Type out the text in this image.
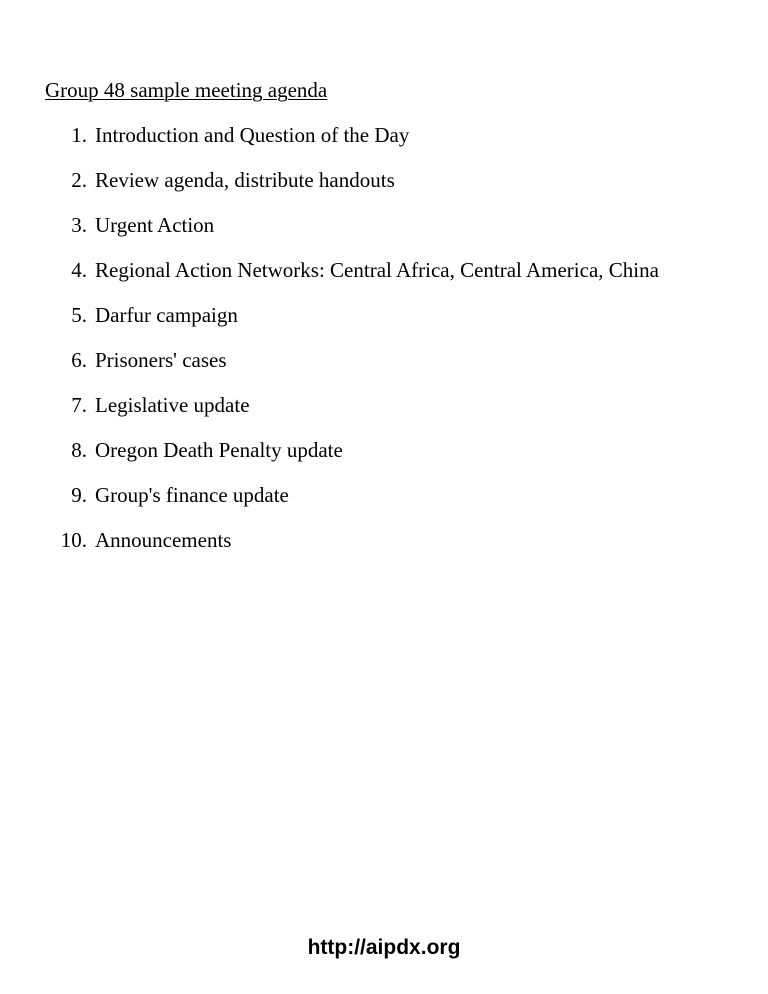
Group 48 sample meeting agenda
1. Introduction and Question of the Day
2. Review agenda, distribute handouts
3. Urgent Action
4. Regional Action Networks: Central Africa, Central America, China
5. Darfur campaign
6. Prisoners' cases
7. Legislative update
8. Oregon Death Penalty update
9. Group's finance update
10. Announcements
http://aipdx.org
